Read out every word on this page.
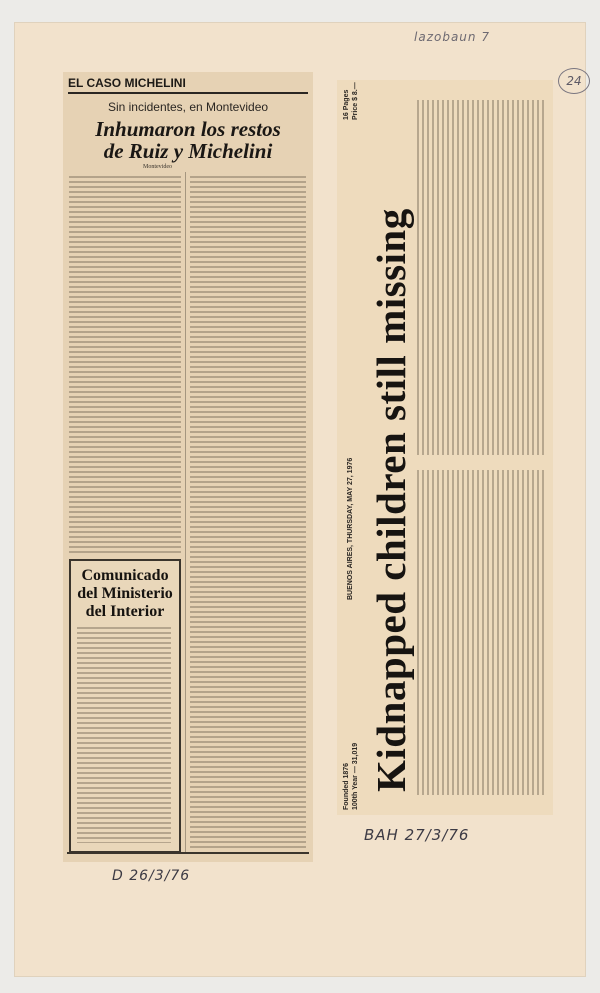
lazobaun 7
24
EL CASO MICHELINI
Sin incidentes, en Montevideo
Inhumaron los restos
de Ruiz y Michelini
Montevideo
Comunicado
del Ministerio
del Interior
D 26/3/76
Founded 1876 100th Year — 31,019
BUENOS AIRES, THURSDAY, MAY 27, 1976
16 Pages Price $ 8.—
Kidnapped children still missing
BAH 27/3/76
